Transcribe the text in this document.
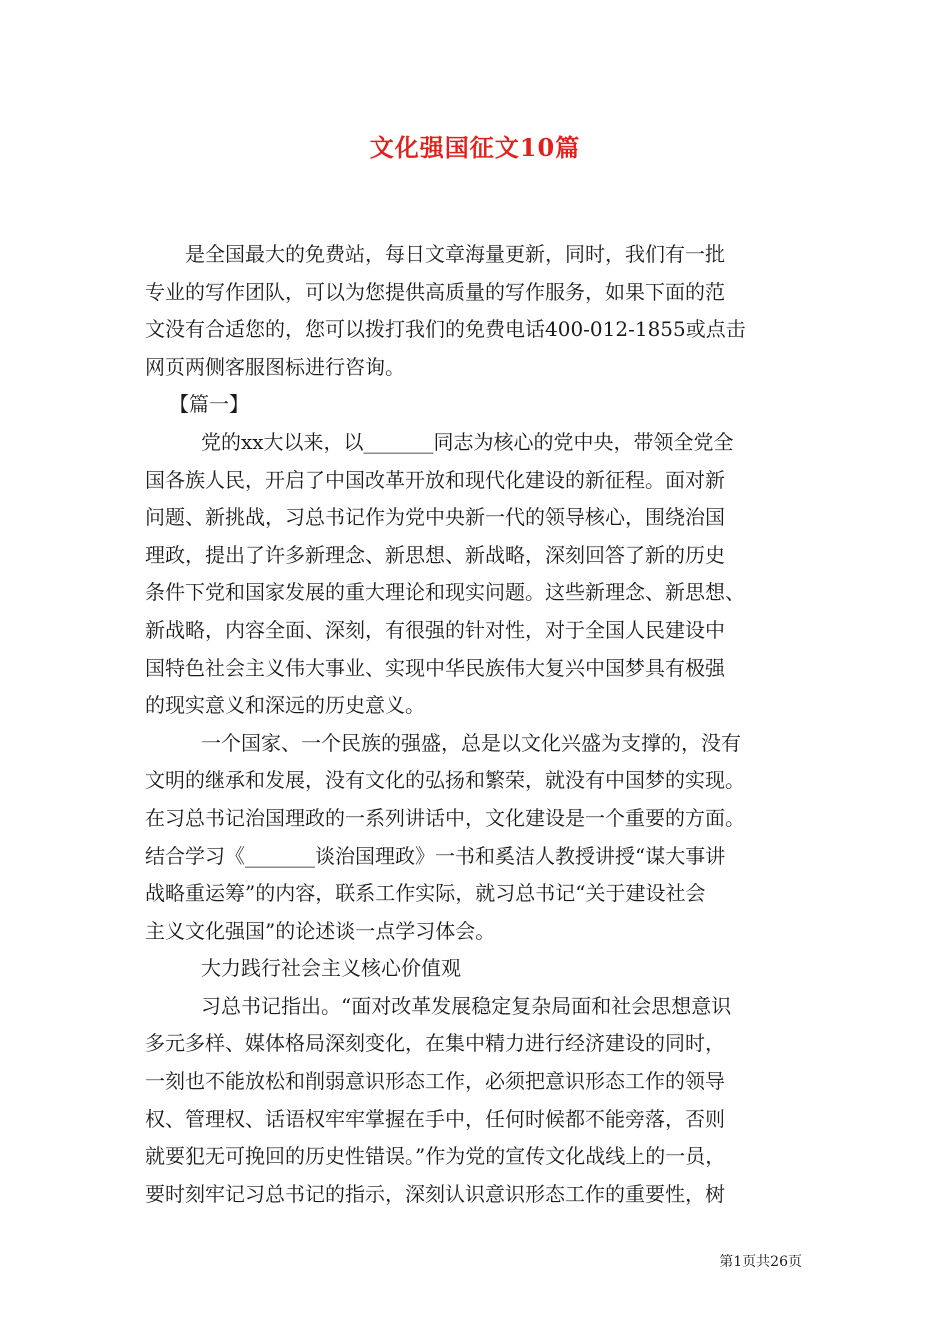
文化强国征文10篇
是全国最大的免费站，每日文章海量更新，同时，我们有一批
专业的写作团队，可以为您提供高质量的写作服务，如果下面的范
文没有合适您的，您可以拨打我们的免费电话400-012-1855或点击
网页两侧客服图标进行咨询。
【篇一】
党的xx大以来，以_______同志为核心的党中央，带领全党全
国各族人民，开启了中国改革开放和现代化建设的新征程。面对新
问题、新挑战，习总书记作为党中央新一代的领导核心，围绕治国
理政，提出了许多新理念、新思想、新战略，深刻回答了新的历史
条件下党和国家发展的重大理论和现实问题。这些新理念、新思想、
新战略，内容全面、深刻，有很强的针对性，对于全国人民建设中
国特色社会主义伟大事业、实现中华民族伟大复兴中国梦具有极强
的现实意义和深远的历史意义。
一个国家、一个民族的强盛，总是以文化兴盛为支撑的，没有
文明的继承和发展，没有文化的弘扬和繁荣，就没有中国梦的实现。
在习总书记治国理政的一系列讲话中，文化建设是一个重要的方面。
结合学习《_______谈治国理政》一书和奚洁人教授讲授“谋大事讲
战略重运筹”的内容，联系工作实际，就习总书记“关于建设社会
主义文化强国”的论述谈一点学习体会。
大力践行社会主义核心价值观
习总书记指出。“面对改革发展稳定复杂局面和社会思想意识
多元多样、媒体格局深刻变化，在集中精力进行经济建设的同时，
一刻也不能放松和削弱意识形态工作，必须把意识形态工作的领导
权、管理权、话语权牢牢掌握在手中，任何时候都不能旁落，否则
就要犯无可挽回的历史性错误。”作为党的宣传文化战线上的一员，
要时刻牢记习总书记的指示，深刻认识意识形态工作的重要性，树
第1页共26页
